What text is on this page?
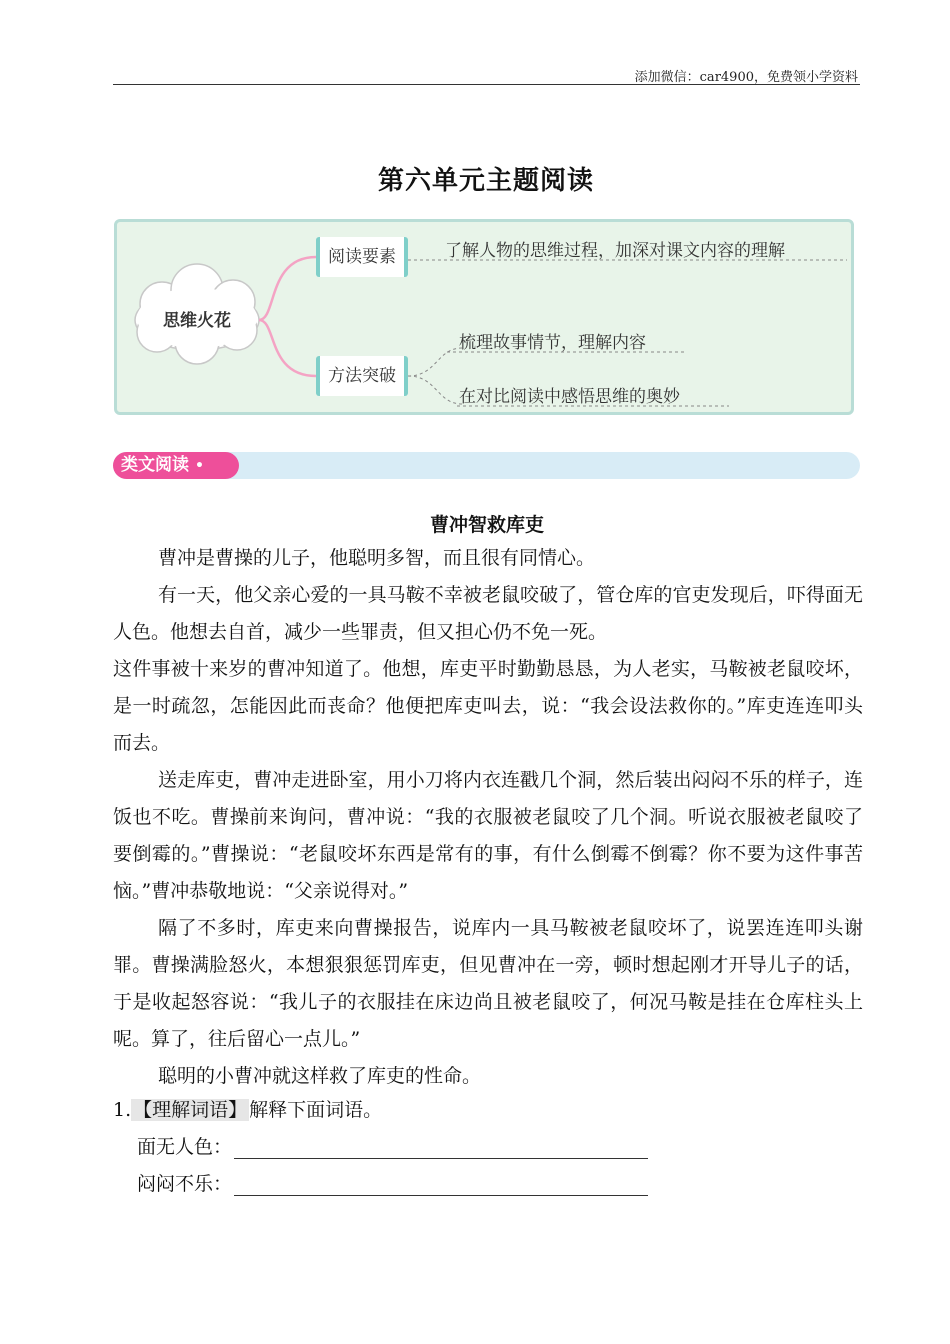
添加微信：car4900，免费领小学资料
第六单元主题阅读
思维火花
阅读要素	了解人物的思维过程，加深对课文内容的理解
方法突破
梳理故事情节，理解内容
在对比阅读中感悟思维的奥妙
类文阅读 •
曹冲智救库吏

曹冲是曹操的儿子，他聪明多智，而且很有同情心。

有一天，他父亲心爱的一具马鞍不幸被老鼠咬破了，管仓库的官吏发现后，吓得面无人色。他想去自首，减少一些罪责，但又担心仍不免一死。

这件事被十来岁的曹冲知道了。他想，库吏平时勤勤恳恳，为人老实，马鞍被老鼠咬坏，是一时疏忽，怎能因此而丧命？他便把库吏叫去，说：“我会设法救你的。”库吏连连叩头而去。

送走库吏，曹冲走进卧室，用小刀将内衣连戳几个洞，然后装出闷闷不乐的样子，连饭也不吃。曹操前来询问，曹冲说：“我的衣服被老鼠咬了几个洞。听说衣服被老鼠咬了要倒霉的。”曹操说：“老鼠咬坏东西是常有的事，有什么倒霉不倒霉？你不要为这件事苦恼。”曹冲恭敬地说：“父亲说得对。”

隔了不多时，库吏来向曹操报告，说库内一具马鞍被老鼠咬坏了，说罢连连叩头谢罪。曹操满脸怒火，本想狠狠惩罚库吏，但见曹冲在一旁，顿时想起刚才开导儿子的话，于是收起怒容说：“我儿子的衣服挂在床边尚且被老鼠咬了，何况马鞍是挂在仓库柱头上呢。算了，往后留心一点儿。”

聪明的小曹冲就这样救了库吏的性命。

1. 【理解词语】 解释下面词语。
面无人色：
闷闷不乐：
